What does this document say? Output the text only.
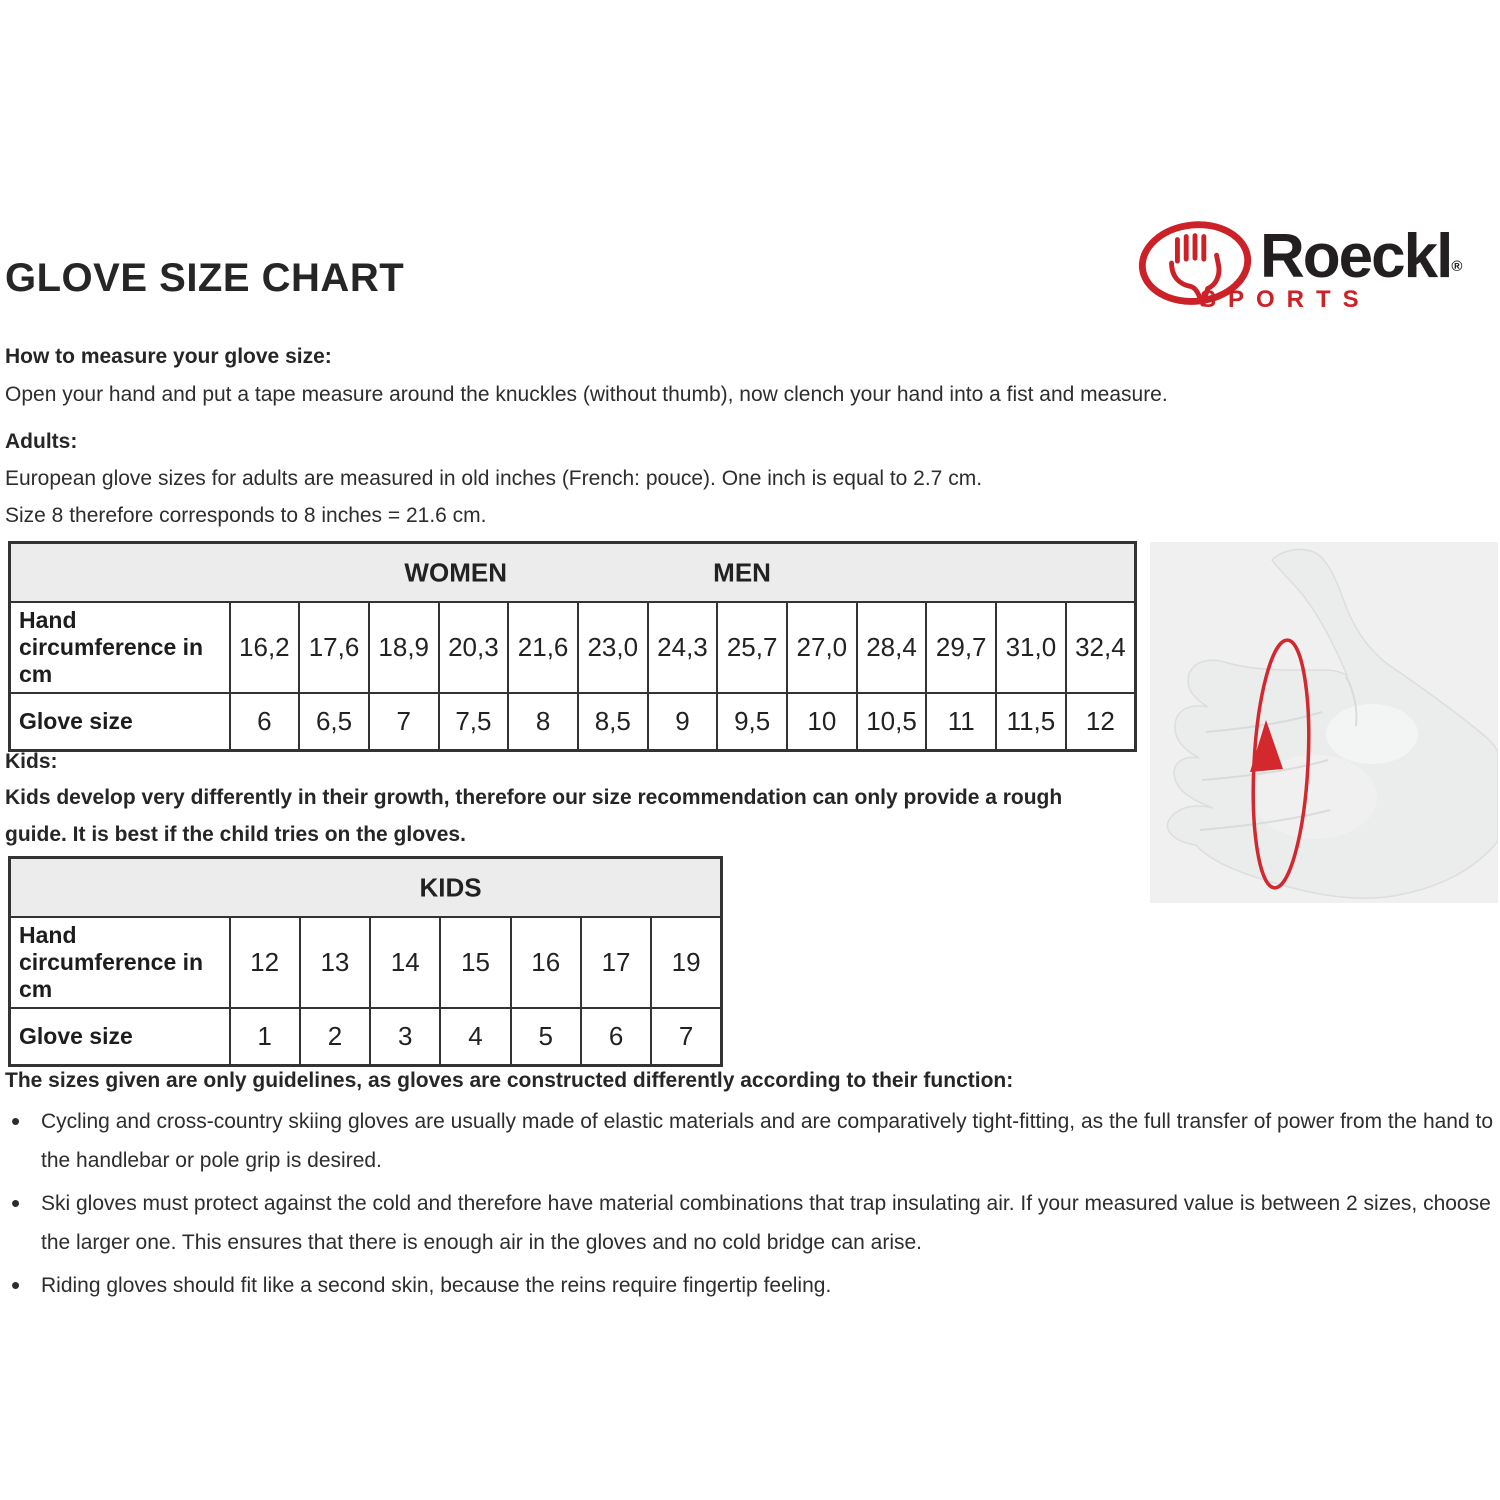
GLOVE SIZE CHART	Roeckl®
SPORTS
How to measure your glove size:
Open your hand and put a tape measure around the knuckles (without thumb), now clench your hand into a fist and measure.
Adults:
European glove sizes for adults are measured in old inches (French: pouce). One inch is equal to 2.7 cm.
Size 8 therefore corresponds to 8 inches = 21.6 cm.
WOMEN MEN													

Hand circumference in cm	16,2	17,6	18,9	20,3	21,6	23,0	24,3	25,7	27,0	28,4	29,7	31,0	32,4
Glove size	6	6,5	7	7,5	8	8,5	9	9,5	10	10,5	11	11,5	12
Kids:
Kids develop very differently in their growth, therefore our size recommendation can only provide a rough guide. It is best if the child tries on the gloves.
KIDS							

Hand circumference in cm	12	13	14	15	16	17	19
Glove size	1	2	3	4	5	6	7
The sizes given are only guidelines, as gloves are constructed differently according to their function:
• Cycling and cross-country skiing gloves are usually made of elastic materials and are comparatively tight-fitting, as the full transfer of power from the hand to the handlebar or pole grip is desired.
• Ski gloves must protect against the cold and therefore have material combinations that trap insulating air. If your measured value is between 2 sizes, choose the larger one. This ensures that there is enough air in the gloves and no cold bridge can arise.
• Riding gloves should fit like a second skin, because the reins require fingertip feeling.
